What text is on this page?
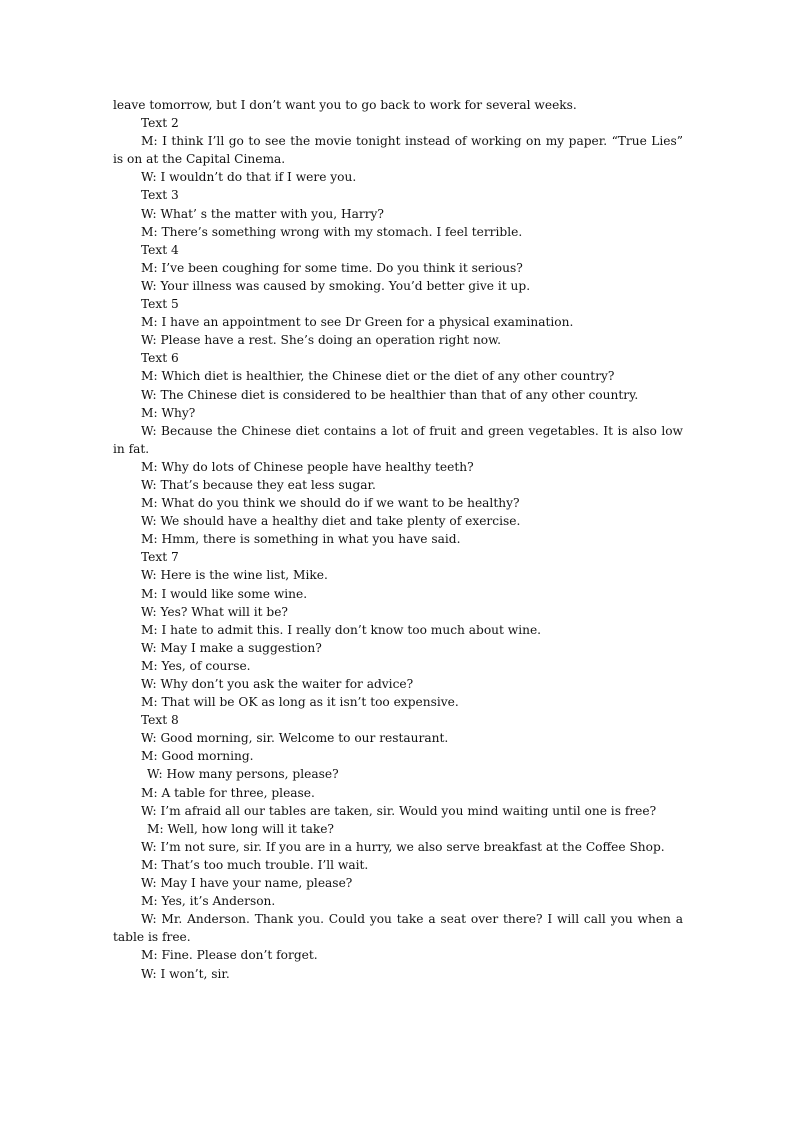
leave tomorrow, but I don’t want you to go back to work for several weeks.
Text 2
M: I think I’ll go to see the movie tonight instead of working on my paper. “True Lies” is on at the Capital Cinema.
W: I wouldn’t do that if I were you.
Text 3
W: What’ s the matter with you, Harry?
M: There’s something wrong with my stomach. I feel terrible.
Text 4
M: I’ve been coughing for some time. Do you think it serious?
W: Your illness was caused by smoking. You’d better give it up.
Text 5
M: I have an appointment to see Dr Green for a physical examination.
W: Please have a rest. She’s doing an operation right now.
Text 6
M: Which diet is healthier, the Chinese diet or the diet of any other country?
W: The Chinese diet is considered to be healthier than that of any other country.
M: Why?
W: Because the Chinese diet contains a lot of fruit and green vegetables. It is also low in fat.
M: Why do lots of Chinese people have healthy teeth?
W: That’s because they eat less sugar.
M: What do you think we should do if we want to be healthy?
W: We should have a healthy diet and take plenty of exercise.
M: Hmm, there is something in what you have said.
Text 7
W: Here is the wine list, Mike.
M: I would like some wine.
W: Yes? What will it be?
M: I hate to admit this. I really don’t know too much about wine.
W: May I make a suggestion?
M: Yes, of course.
W: Why don’t you ask the waiter for advice?
M: That will be OK as long as it isn’t too expensive.
Text 8
W: Good morning, sir. Welcome to our restaurant.
M: Good morning.
W: How many persons, please?
M: A table for three, please.
W: I’m afraid all our tables are taken, sir. Would you mind waiting until one is free?
M: Well, how long will it take?
W: I’m not sure, sir. If you are in a hurry, we also serve breakfast at the Coffee Shop.
M: That’s too much trouble. I’ll wait.
W: May I have your name, please?
M: Yes, it’s Anderson.
W: Mr. Anderson. Thank you. Could you take a seat over there? I will call you when a table is free.
M: Fine. Please don’t forget.
W: I won’t, sir.
